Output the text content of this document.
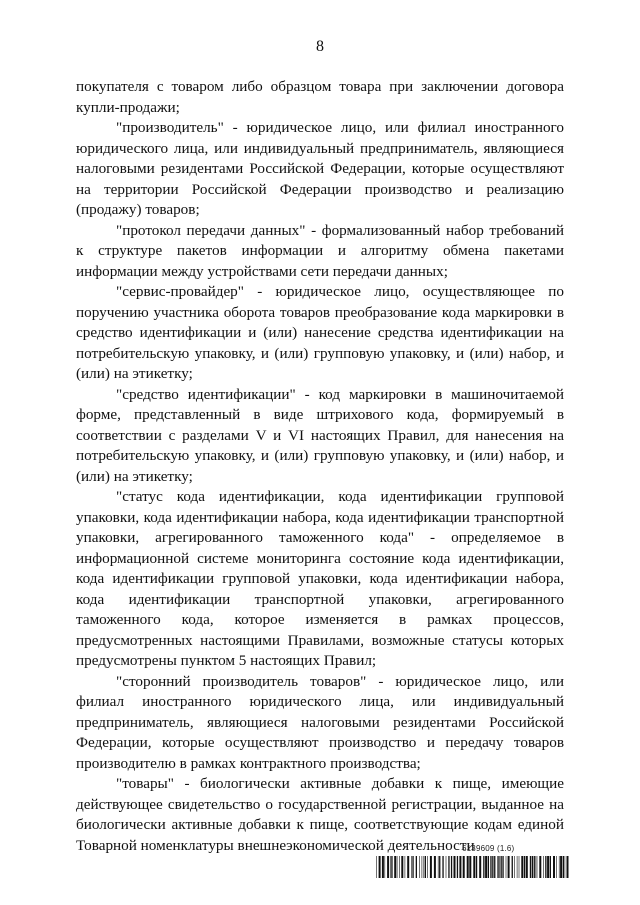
8

покупателя с товаром либо образцом товара при заключении договора купли-продажи;

"производитель" - юридическое лицо, или филиал иностранного юридического лица, или индивидуальный предприниматель, являющиеся налоговыми резидентами Российской Федерации, которые осуществляют на территории Российской Федерации производство и реализацию (продажу) товаров;

"протокол передачи данных" - формализованный набор требований к структуре пакетов информации и алгоритму обмена пакетами информации между устройствами сети передачи данных;

"сервис-провайдер" - юридическое лицо, осуществляющее по поручению участника оборота товаров преобразование кода маркировки в средство идентификации и (или) нанесение средства идентификации на потребительскую упаковку, и (или) групповую упаковку, и (или) набор, и (или) на этикетку;

"средство идентификации" - код маркировки в машиночитаемой форме, представленный в виде штрихового кода, формируемый в соответствии с разделами V и VI настоящих Правил, для нанесения на потребительскую упаковку, и (или) групповую упаковку, и (или) набор, и (или) на этикетку;

"статус кода идентификации, кода идентификации групповой упаковки, кода идентификации набора, кода идентификации транспортной упаковки, агрегированного таможенного кода" - определяемое в информационной системе мониторинга состояние кода идентификации, кода идентификации групповой упаковки, кода идентификации набора, кода идентификации транспортной упаковки, агрегированного таможенного кода, которое изменяется в рамках процессов, предусмотренных настоящими Правилами, возможные статусы которых предусмотрены пунктом 5 настоящих Правил;

"сторонний производитель товаров" - юридическое лицо, или филиал иностранного юридического лица, или индивидуальный предприниматель, являющиеся налоговыми резидентами Российской Федерации, которые осуществляют производство и передачу товаров производителю в рамках контрактного производства;

"товары" - биологически активные добавки к пище, имеющие действующее свидетельство о государственной регистрации, выданное на биологически активные добавки к пище, соответствующие кодам единой Товарной номенклатуры внешнеэкономической деятельности

6139609 (1.6)
